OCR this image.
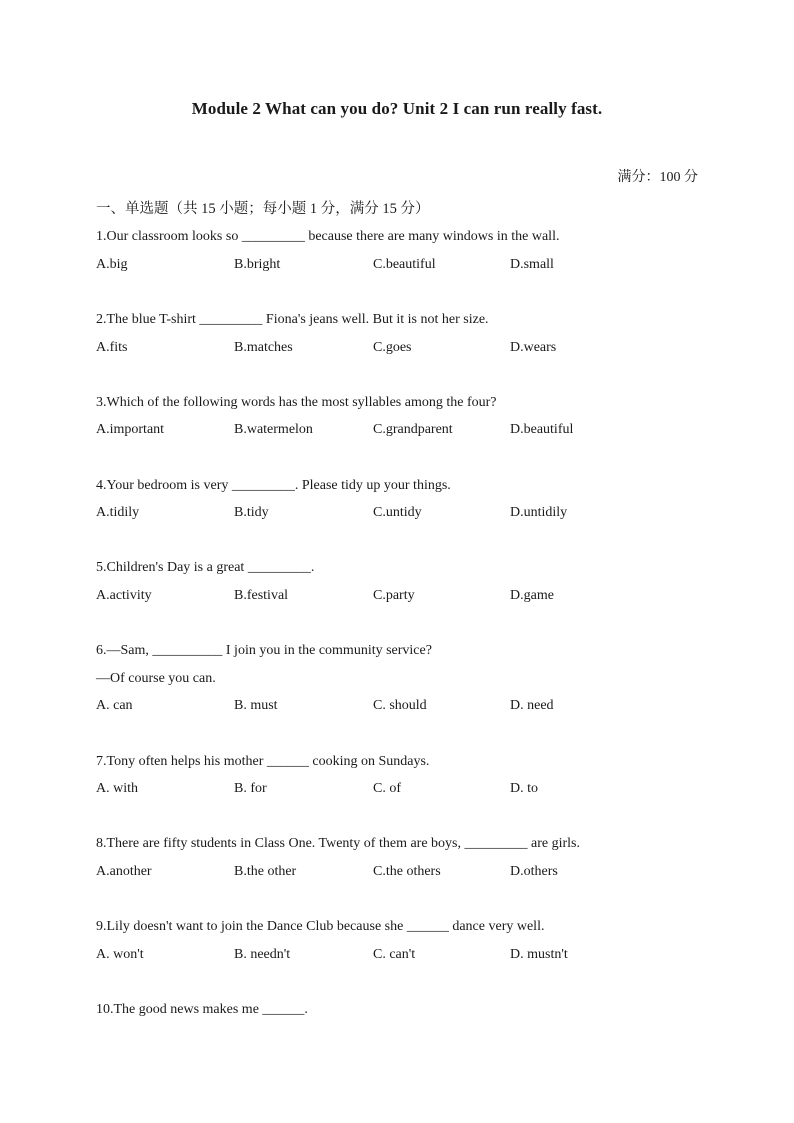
Module 2 What can you do? Unit 2 I can run really fast.
满分：100 分
一、单选题（共 15 小题；每小题 1 分，满分 15 分）
1.Our classroom looks so _________ because there are many windows in the wall.
A.big	B.bright	C.beautiful	D.small
2.The blue T-shirt _________ Fiona's jeans well. But it is not her size.
A.fits	B.matches	C.goes	D.wears
3.Which of the following words has the most syllables among the four?
A.important	B.watermelon	C.grandparent	D.beautiful
4.Your bedroom is very _________. Please tidy up your things.
A.tidily	B.tidy	C.untidy	D.untidily
5.Children's Day is a great _________.
A.activity	B.festival	C.party	D.game
6.—Sam, __________ I join you in the community service?
—Of course you can.
A. can	B. must	C. should	D. need
7.Tony often helps his mother ______ cooking on Sundays.
A. with	B. for	C. of	D. to
8.There are fifty students in Class One. Twenty of them are boys, _________ are girls.
A.another	B.the other	C.the others	D.others
9.Lily doesn't want to join the Dance Club because she ______ dance very well.
A. won't	B. needn't	C. can't	D. mustn't
10.The good news makes me ______.
